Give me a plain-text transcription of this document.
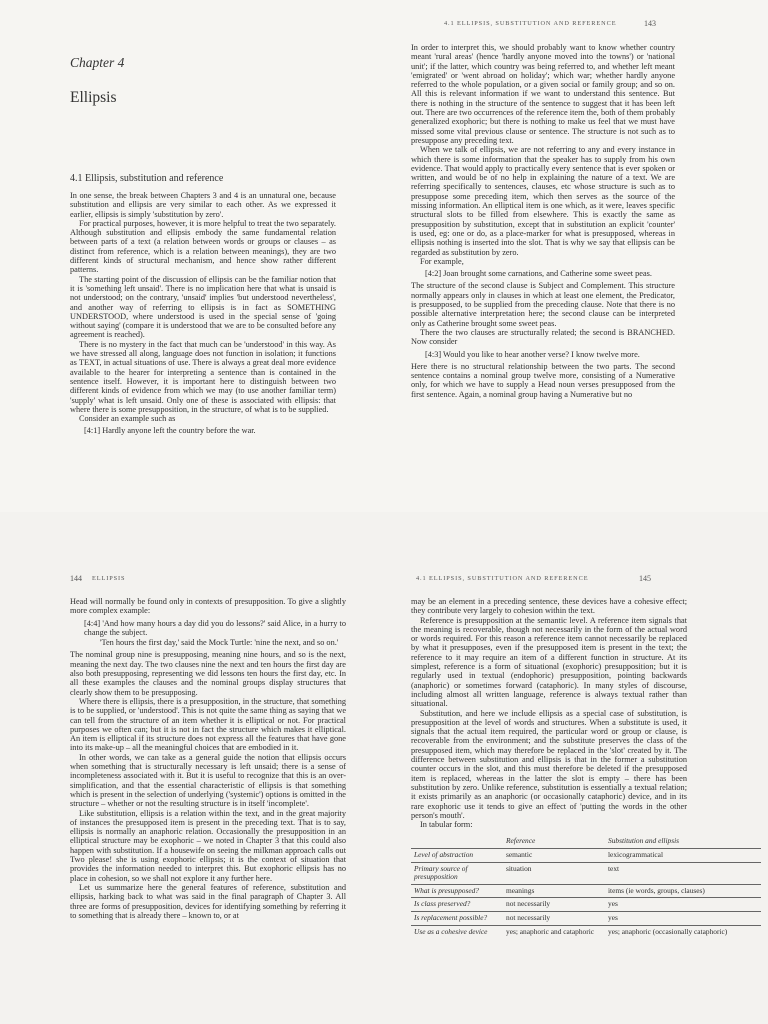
Chapter 4
Ellipsis
4.1 Ellipsis, substitution and reference

In one sense, the break between Chapters 3 and 4 is an unnatural one, because substitution and ellipsis are very similar to each other. As we expressed it earlier, ellipsis is simply 'substitution by zero'.

For practical purposes, however, it is more helpful to treat the two separately. Although substitution and ellipsis embody the same fundamental relation between parts of a text (a relation between words or groups or clauses – as distinct from reference, which is a relation between meanings), they are two different kinds of structural mechanism, and hence show rather different patterns.

The starting point of the discussion of ellipsis can be the familiar notion that it is 'something left unsaid'. There is no implication here that what is unsaid is not understood; on the contrary, 'unsaid' implies 'but understood nevertheless', and another way of referring to ellipsis is in fact as SOMETHING UNDERSTOOD, where understood is used in the special sense of 'going without saying' (compare it is understood that we are to be consulted before any agreement is reached).

There is no mystery in the fact that much can be 'understood' in this way. As we have stressed all along, language does not function in isolation; it functions as TEXT, in actual situations of use. There is always a great deal more evidence available to the hearer for interpreting a sentence than is contained in the sentence itself. However, it is important here to distinguish between two different kinds of evidence from which we may (to use another familiar term) 'supply' what is left unsaid. Only one of these is associated with ellipsis: that where there is some presupposition, in the structure, of what is to be supplied.

Consider an example such as

[4:1] Hardly anyone left the country before the war.

4.1 ELLIPSIS, SUBSTITUTION AND REFERENCE	143

In order to interpret this, we should probably want to know whether country meant 'rural areas' (hence 'hardly anyone moved into the towns') or 'national unit'; if the latter, which country was being referred to, and whether left meant 'emigrated' or 'went abroad on holiday'; which war; whether hardly anyone referred to the whole population, or a given social or family group; and so on. All this is relevant information if we want to understand this sentence. But there is nothing in the structure of the sentence to suggest that it has been left out. There are two occurrences of the reference item the, both of them probably generalized exophoric; but there is nothing to make us feel that we must have missed some vital previous clause or sentence. The structure is not such as to presuppose any preceding text.

When we talk of ellipsis, we are not referring to any and every instance in which there is some information that the speaker has to supply from his own evidence. That would apply to practically every sentence that is ever spoken or written, and would be of no help in explaining the nature of a text. We are referring specifically to sentences, clauses, etc whose structure is such as to presuppose some preceding item, which then serves as the source of the missing information. An elliptical item is one which, as it were, leaves specific structural slots to be filled from elsewhere. This is exactly the same as presupposition by substitution, except that in substitution an explicit 'counter' is used, eg: one or do, as a place-marker for what is presupposed, whereas in ellipsis nothing is inserted into the slot. That is why we say that ellipsis can be regarded as substitution by zero.

For example,

[4:2] Joan brought some carnations, and Catherine some sweet peas.

The structure of the second clause is Subject and Complement. This structure normally appears only in clauses in which at least one element, the Predicator, is presupposed, to be supplied from the preceding clause. Note that there is no possible alternative interpretation here; the second clause can be interpreted only as Catherine brought some sweet peas.

There the two clauses are structurally related; the second is BRANCHED. Now consider

[4:3] Would you like to hear another verse? I know twelve more.

Here there is no structural relationship between the two parts. The second sentence contains a nominal group twelve more, consisting of a Numerative only, for which we have to supply a Head noun verses presupposed from the first sentence. Again, a nominal group having a Numerative but no

144 ELLIPSIS

Head will normally be found only in contexts of presupposition. To give a slightly more complex example:

[4:4] 'And how many hours a day did you do lessons?' said Alice, in a hurry to change the subject.

'Ten hours the first day,' said the Mock Turtle: 'nine the next, and so on.'

The nominal group nine is presupposing, meaning nine hours, and so is the next, meaning the next day. The two clauses nine the next and ten hours the first day are also both presupposing, representing we did lessons ten hours the first day, etc. In all these examples the clauses and the nominal groups display structures that clearly show them to be presupposing.

Where there is ellipsis, there is a presupposition, in the structure, that something is to be supplied, or 'understood'. This is not quite the same thing as saying that we can tell from the structure of an item whether it is elliptical or not. For practical purposes we often can; but it is not in fact the structure which makes it elliptical. An item is elliptical if its structure does not express all the features that have gone into its make-up – all the meaningful choices that are embodied in it.

In other words, we can take as a general guide the notion that ellipsis occurs when something that is structurally necessary is left unsaid; there is a sense of incompleteness associated with it. But it is useful to recognize that this is an over-simplification, and that the essential characteristic of ellipsis is that something which is present in the selection of underlying ('systemic') options is omitted in the structure – whether or not the resulting structure is in itself 'incomplete'.

Like substitution, ellipsis is a relation within the text, and in the great majority of instances the presupposed item is present in the preceding text. That is to say, ellipsis is normally an anaphoric relation. Occasionally the presupposition in an elliptical structure may be exophoric – we noted in Chapter 3 that this could also happen with substitution. If a housewife on seeing the milkman approach calls out Two please! she is using exophoric ellipsis; it is the context of situation that provides the information needed to interpret this. But exophoric ellipsis has no place in cohesion, so we shall not explore it any further here.

Let us summarize here the general features of reference, substitution and ellipsis, harking back to what was said in the final paragraph of Chapter 3. All three are forms of presupposition, devices for identifying something by referring it to something that is already there – known to, or at

4.1 ELLIPSIS, SUBSTITUTION AND REFERENCE	145

may be an element in a preceding sentence, these devices have a cohesive effect; they contribute very largely to cohesion within the text.

Reference is presupposition at the semantic level. A reference item signals that the meaning is recoverable, though not necessarily in the form of the actual word or words required. For this reason a reference item cannot necessarily be replaced by what it presupposes, even if the presupposed item is present in the text; the reference to it may require an item of a different function in structure. At its simplest, reference is a form of situational (exophoric) presupposition; but it is regularly used in textual (endophoric) presupposition, pointing backwards (anaphoric) or sometimes forward (cataphoric). In many styles of discourse, including almost all written language, reference is always textual rather than situational.

Substitution, and here we include ellipsis as a special case of substitution, is presupposition at the level of words and structures. When a substitute is used, it signals that the actual item required, the particular word or group or clause, is recoverable from the environment; and the substitute preserves the class of the presupposed item, which may therefore be replaced in the 'slot' created by it. The difference between substitution and ellipsis is that in the former a substitution counter occurs in the slot, and this must therefore be deleted if the presupposed item is replaced, whereas in the latter the slot is empty – there has been substitution by zero. Unlike reference, substitution is essentially a textual relation; it exists primarily as an anaphoric (or occasionally cataphoric) device, and in its rare exophoric use it tends to give an effect of 'putting the words in the other person's mouth'.

In tabular form:

	Reference	Substitution and ellipsis
Level of abstraction	semantic	lexicogrammatical
Primary source of presupposition	situation	text
What is presupposed?	meanings	items (ie words, groups, clauses)
Is class preserved?	not necessarily	yes
Is replacement possible?	not necessarily	yes
Use as a cohesive device	yes; anaphoric and cataphoric	yes; anaphoric (occasionally cataphoric)
